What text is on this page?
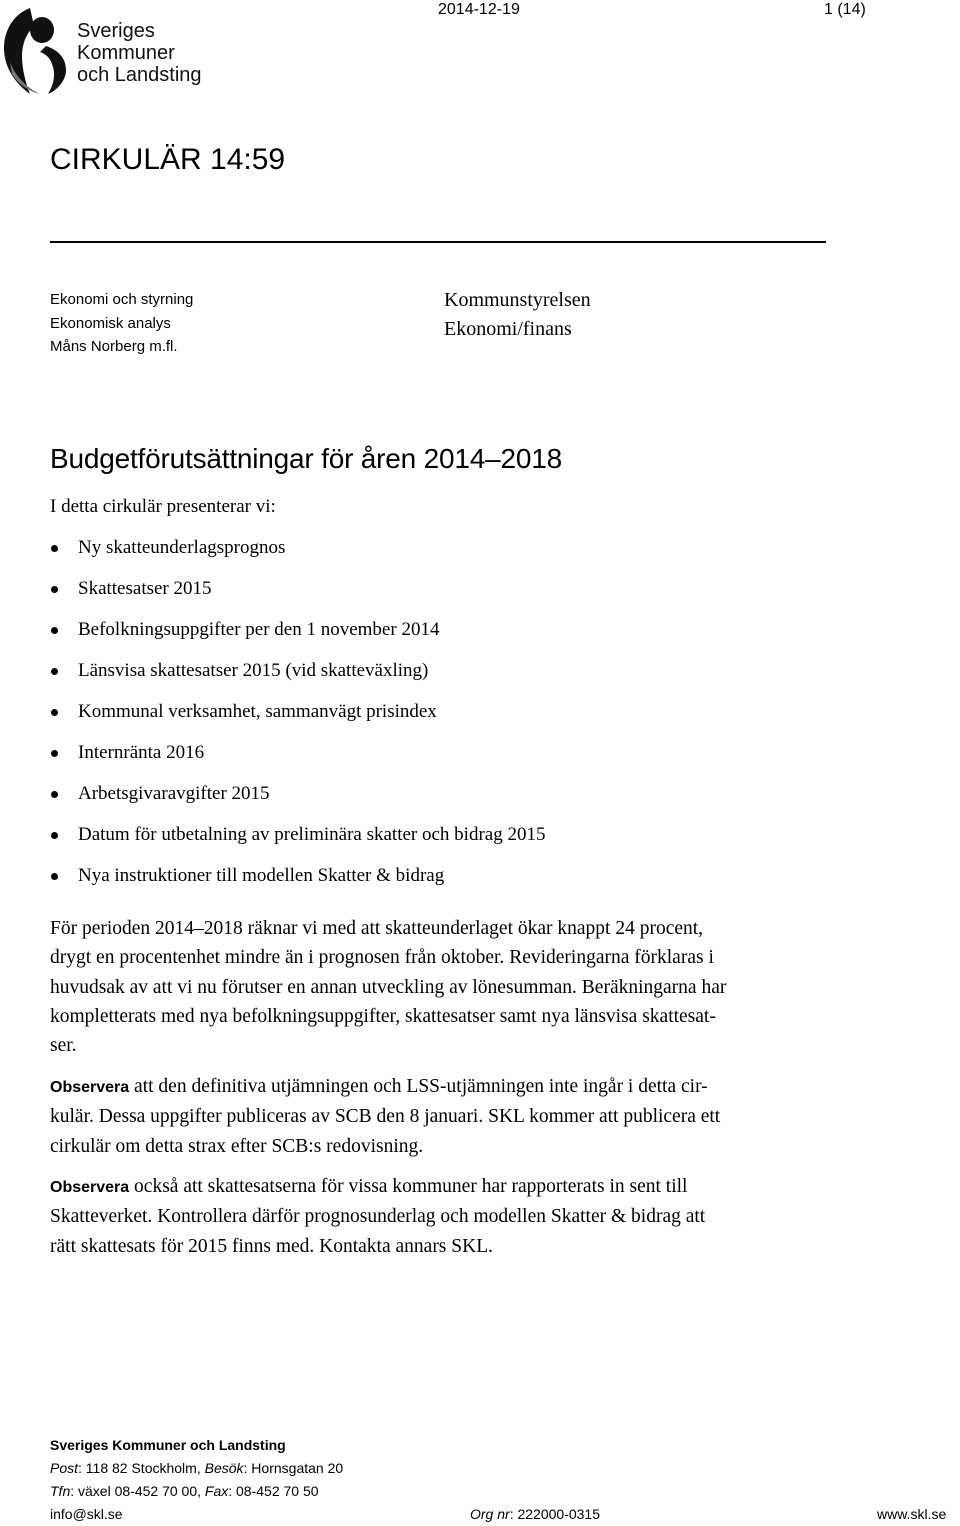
Sveriges
Kommuner
och Landsting
2014-12-19	1 (14)
CIRKULÄR 14:59
Ekonomi och styrning
Ekonomisk analys
Måns Norberg m.fl.
Kommunstyrelsen
Ekonomi/finans
Budgetförutsättningar för åren 2014–2018
I detta cirkulär presenterar vi:
Ny skatteunderlagsprognos
Skattesatser 2015
Befolkningsuppgifter per den 1 november 2014
Länsvisa skattesatser 2015 (vid skatteväxling)
Kommunal verksamhet, sammanvägt prisindex
Internränta 2016
Arbetsgivaravgifter 2015
Datum för utbetalning av preliminära skatter och bidrag 2015
Nya instruktioner till modellen Skatter & bidrag
För perioden 2014–2018 räknar vi med att skatteunderlaget ökar knappt 24 procent,
drygt en procentenhet mindre än i prognosen från oktober. Revideringarna förklaras i
huvudsak av att vi nu förutser en annan utveckling av lönesumman. Beräkningarna har
kompletterats med nya befolkningsuppgifter, skattesatser samt nya länsvisa skattesat-
ser.
Observera att den definitiva utjämningen och LSS-utjämningen inte ingår i detta cir-
kulär. Dessa uppgifter publiceras av SCB den 8 januari. SKL kommer att publicera ett
cirkulär om detta strax efter SCB:s redovisning.
Observera också att skattesatserna för vissa kommuner har rapporterats in sent till
Skatteverket. Kontrollera därför prognosunderlag och modellen Skatter & bidrag att
rätt skattesats för 2015 finns med. Kontakta annars SKL.
Sveriges Kommuner och Landsting
Post: 118 82 Stockholm, Besök: Hornsgatan 20
Tfn: växel 08-452 70 00, Fax: 08-452 70 50
info@skl.se	Org nr: 222000-0315	www.skl.se
